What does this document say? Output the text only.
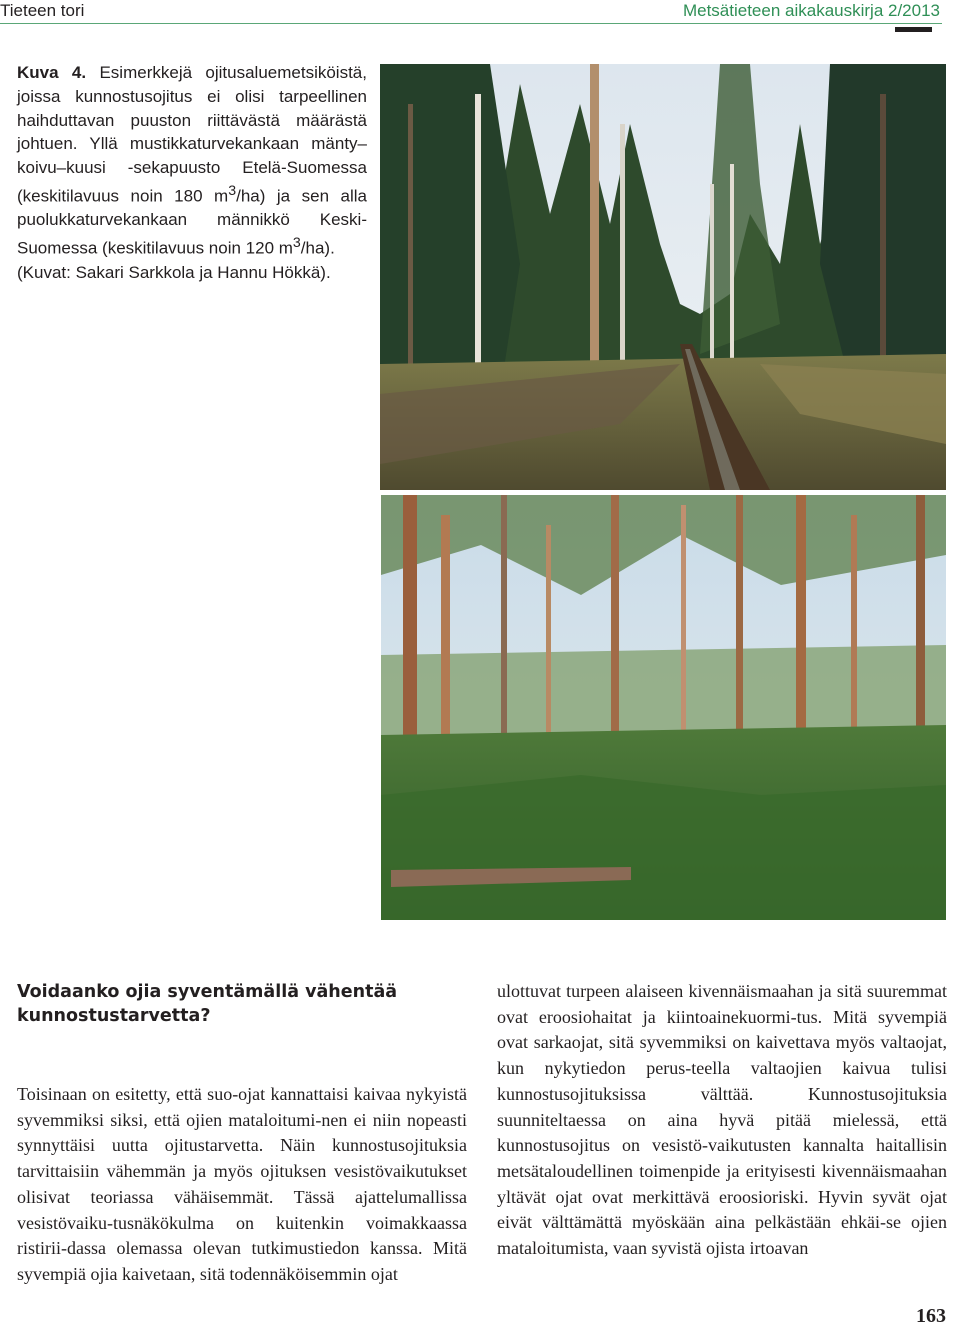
Tieteen tori	Metsätieteen aikakauskirja 2/2013

Kuva 4. Esimerkkejä ojitusaluemetsiköistä, joissa kunnostusojitus ei olisi tarpeellinen haihduttavan puuston riittävästä määrästä johtuen. Yllä mustikkaturvekankaan mänty–koivu–kuusi -sekapuusto Etelä-Suomessa (keskitilavuus noin 180 $m^3/ha$) ja sen alla puolukkaturvekankaan männikkö Keski-Suomessa (keskitilavuus noin 120 $m^3/ha$).
(Kuvat: Sakari Sarkkola ja Hannu Hökkä).

Voidaanko ojia syventämällä vähentää kunnostustarvetta?

Toisinaan on esitetty, että suo-ojat kannattaisi kaivaa nykyistä syvemmiksi siksi, että ojien mataloitumi-nen ei niin nopeasti synnyttäisi uutta ojitustarvetta. Näin kunnostusojituksia tarvittaisiin vähemmän ja myös ojituksen vesistövaikutukset olisivat teoriassa vähäisemmät. Tässä ajattelumallissa vesistövaiku-tusnäkökulma on kuitenkin voimakkaassa ristirii-dassa olemassa olevan tutkimustiedon kanssa. Mitä syvempiä ojia kaivetaan, sitä todennäköisemmin ojat

ulottuvat turpeen alaiseen kivennäismaahan ja sitä suuremmat ovat eroosiohaitat ja kiintoainekuormi-tus. Mitä syvempiä ovat sarkaojat, sitä syvemmiksi on kaivettava myös valtaojat, kun nykytiedon perus-teella valtaojien kaivua tulisi kunnostusojituksissa välttää. Kunnostusojituksia suunniteltaessa on aina hyvä pitää mielessä, että kunnostusojitus on vesistö-vaikutusten kannalta haitallisin metsätaloudellinen toimenpide ja erityisesti kivennäismaahan yltävät ojat ovat merkittävä eroosioriski. Hyvin syvät ojat eivät välttämättä myöskään aina pelkästään ehkäi-se ojien mataloitumista, vaan syvistä ojista irtoavan

163
